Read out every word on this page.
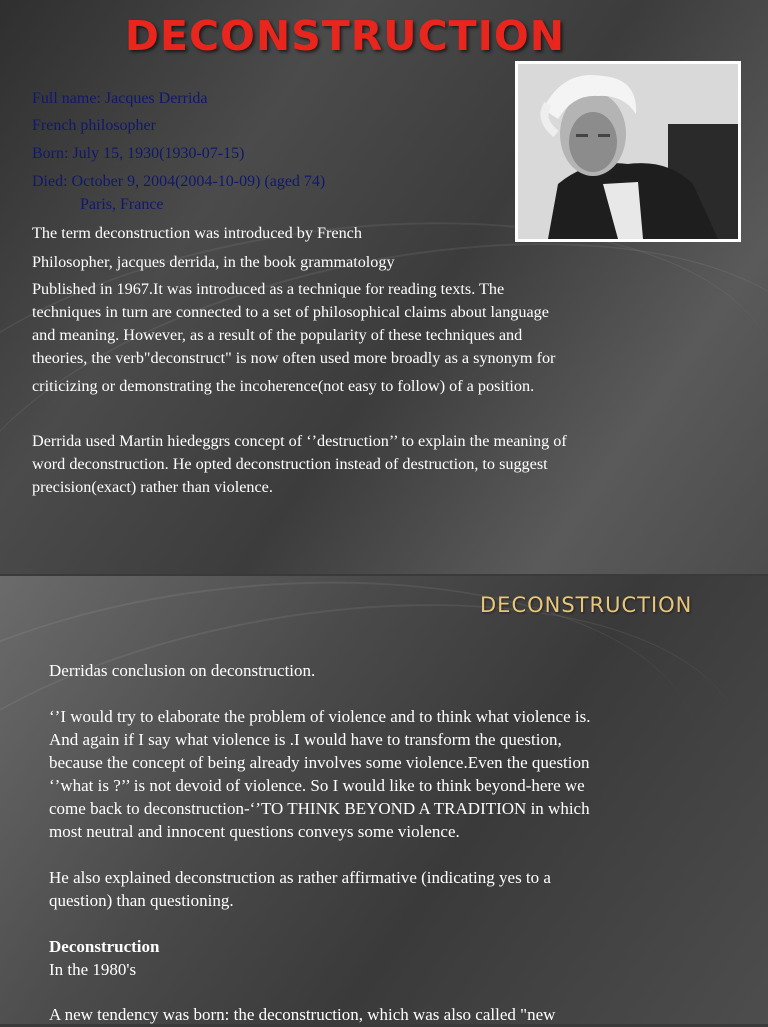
DECONSTRUCTION
Full name: Jacques Derrida
French philosopher
Born: July 15, 1930(1930-07-15)
Died: October 9, 2004(2004-10-09) (aged 74)
Paris, France
The term deconstruction was introduced by French
Philosopher, jacques derrida, in the book grammatology
Published in 1967.It was introduced as a technique for reading texts. The
techniques in turn are connected to a set of philosophical claims about language
and meaning. However, as a result of the popularity of these techniques and
theories, the verb"deconstruct" is now often used more broadly as a synonym for
criticizing or demonstrating the incoherence(not easy to follow) of a position.
Derrida used Martin hiedeggrs concept of ‘’destruction’’ to explain the meaning of
word deconstruction. He opted deconstruction instead of destruction, to suggest
precision(exact) rather than violence.
DECONSTRUCTION
Derridas conclusion on deconstruction.
‘’I would try to elaborate the problem of violence and to think what violence is.
And again if I say what violence is .I would have to transform the question,
because the concept of being already involves some violence.Even the question
‘’what is ?’’ is not devoid of violence. So I would like to think beyond-here we
come back to deconstruction-‘’TO THINK BEYOND A TRADITION in which
most neutral and innocent questions conveys some violence.
He also explained deconstruction as rather affirmative (indicating yes to a
question) than questioning.
Deconstruction
In the 1980's
A new tendency was born: the deconstruction, which was also called "new
